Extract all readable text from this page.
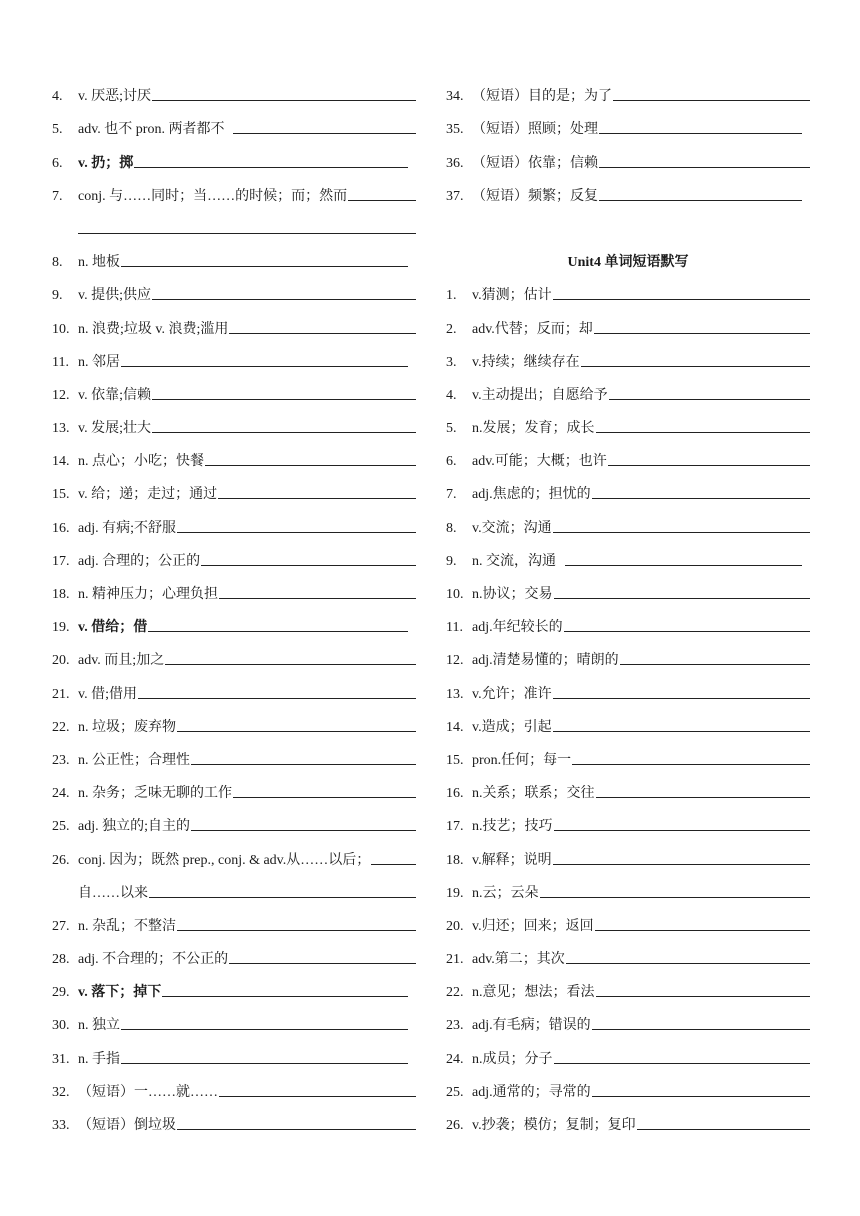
4.	v. 厌恶;讨厌
5.	adv. 也不 pron. 两者都不
6.	v. 扔；掷
7.	conj. 与……同时；当……的时候；而；然而
8.	n. 地板
9.	v. 提供;供应
10. n. 浪费;垃圾 v. 浪费;滥用
11. n. 邻居
12. v. 依靠;信赖
13. v. 发展;壮大
14. n. 点心；小吃；快餐
15. v. 给；递；走过；通过
16. adj. 有病;不舒服
17. adj. 合理的；公正的
18. n. 精神压力；心理负担
19. v. 借给；借
20. adv. 而且;加之
21. v. 借;借用
22. n. 垃圾；废弃物
23. n. 公正性；合理性
24. n. 杂务；乏味无聊的工作
25. adj. 独立的;自主的
26. conj. 因为；既然 prep., conj. & adv.从……以后；
自……以来
27. n. 杂乱；不整洁
28. adj. 不合理的；不公正的
29. v. 落下；掉下
30. n. 独立
31. n. 手指
32. （短语）一……就……
33. （短语）倒垃圾
34. （短语）目的是；为了
35. （短语）照顾；处理
36. （短语）依靠；信赖
37. （短语）频繁；反复
Unit4 单词短语默写
1.	v.猜测；估计
2.	adv.代替；反而；却
3.	v.持续；继续存在
4.	v.主动提出；自愿给予
5.	n.发展；发育；成长
6.	adv.可能；大概；也许
7.	adj.焦虑的；担忧的
8.	v.交流；沟通
9.	n. 交流，沟通
10. n.协议；交易
11. adj.年纪较长的
12. adj.清楚易懂的；晴朗的
13. v.允许；准许
14. v.造成；引起
15. pron.任何；每一
16. n.关系；联系；交往
17. n.技艺；技巧
18. v.解释；说明
19. n.云；云朵
20. v.归还；回来；返回
21. adv.第二；其次
22. n.意见；想法；看法
23. adj.有毛病；错误的
24. n.成员；分子
25. adj.通常的；寻常的
26. v.抄袭；模仿；复制；复印
